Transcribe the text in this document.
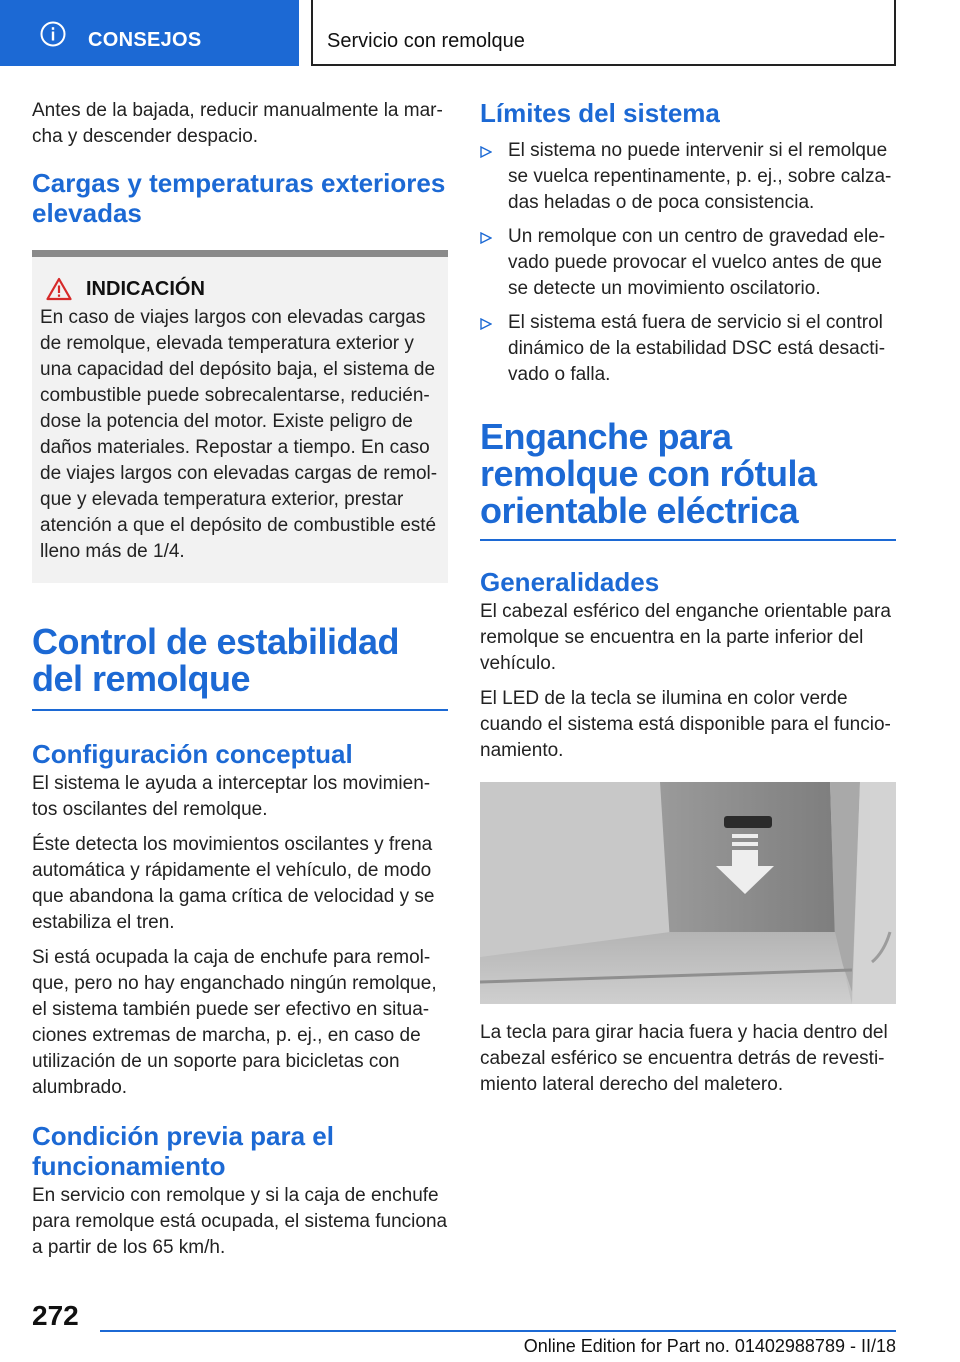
CONSEJOS	Servicio con remolque

Antes de la bajada, reducir manualmente la mar-cha y descender despacio.

Cargas y temperaturas exteriores elevadas
INDICACIÓN

En caso de viajes largos con elevadas cargas de remolque, elevada temperatura exterior y una capacidad del depósito baja, el sistema de combustible puede sobrecalentarse, reducién-dose la potencia del motor. Existe peligro de daños materiales. Repostar a tiempo. En caso de viajes largos con elevadas cargas de remol-que y elevada temperatura exterior, prestar atención a que el depósito de combustible esté lleno más de 1/4.

Control de estabilidad del remolque
Configuración conceptual

El sistema le ayuda a interceptar los movimien-tos oscilantes del remolque.

Éste detecta los movimientos oscilantes y frena automática y rápidamente el vehículo, de modo que abandona la gama crítica de velocidad y se estabiliza el tren.

Si está ocupada la caja de enchufe para remol-que, pero no hay enganchado ningún remolque, el sistema también puede ser efectivo en situa-ciones extremas de marcha, p. ej., en caso de utilización de un soporte para bicicletas con alumbrado.

Condición previa para el funcionamiento

En servicio con remolque y si la caja de enchufe para remolque está ocupada, el sistema funciona a partir de los 65 km/h.

Límites del sistema
El sistema no puede intervenir si el remolque se vuelca repentinamente, p. ej., sobre calza-das heladas o de poca consistencia.
Un remolque con un centro de gravedad ele-vado puede provocar el vuelco antes de que se detecte un movimiento oscilatorio.
El sistema está fuera de servicio si el control dinámico de la estabilidad DSC está desacti-vado o falla.
Enganche para remolque con rótula orientable eléctrica
Generalidades

El cabezal esférico del enganche orientable para remolque se encuentra en la parte inferior del vehículo.

El LED de la tecla se ilumina en color verde cuando el sistema está disponible para el funcio-namiento.

La tecla para girar hacia fuera y hacia dentro del cabezal esférico se encuentra detrás de revesti-miento lateral derecho del maletero.

272
Online Edition for Part no. 01402988789 - II/18
